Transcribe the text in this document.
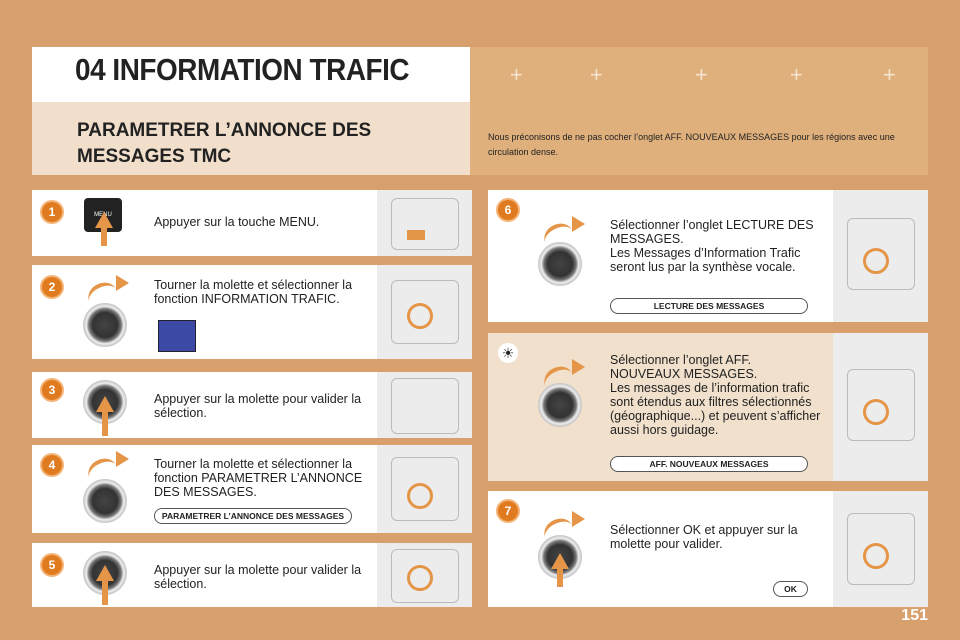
+	+	+	+	+
04 INFORMATION TRAFIC
PARAMETRER L’ANNONCE DES
MESSAGES TMC
Nous préconisons de ne pas cocher l’onglet AFF. NOUVEAUX MESSAGES pour les régions avec une circulation dense.
1	MENU	Appuyer sur la touche MENU.
2	Tourner la molette et sélectionner la
fonction INFORMATION TRAFIC.
3
Appuyer sur la molette pour valider la
sélection.
4	Tourner la molette et sélectionner la
fonction PARAMETRER L’ANNONCE
DES MESSAGES.
PARAMETRER L’ANNONCE DES MESSAGES
5	Appuyer sur la molette pour valider la
sélection.
6
Sélectionner l’onglet LECTURE DES
MESSAGES.
Les Messages d’Information Trafic
seront lus par la synthèse vocale.
LECTURE DES MESSAGES
☀	Sélectionner l’onglet AFF.
NOUVEAUX MESSAGES.
Les messages de l’information trafic
sont étendus aux filtres sélectionnés
(géographique...) et peuvent s’afficher
aussi hors guidage.
AFF. NOUVEAUX MESSAGES
7
Sélectionner OK et appuyer sur la
molette pour valider.
OK
151
